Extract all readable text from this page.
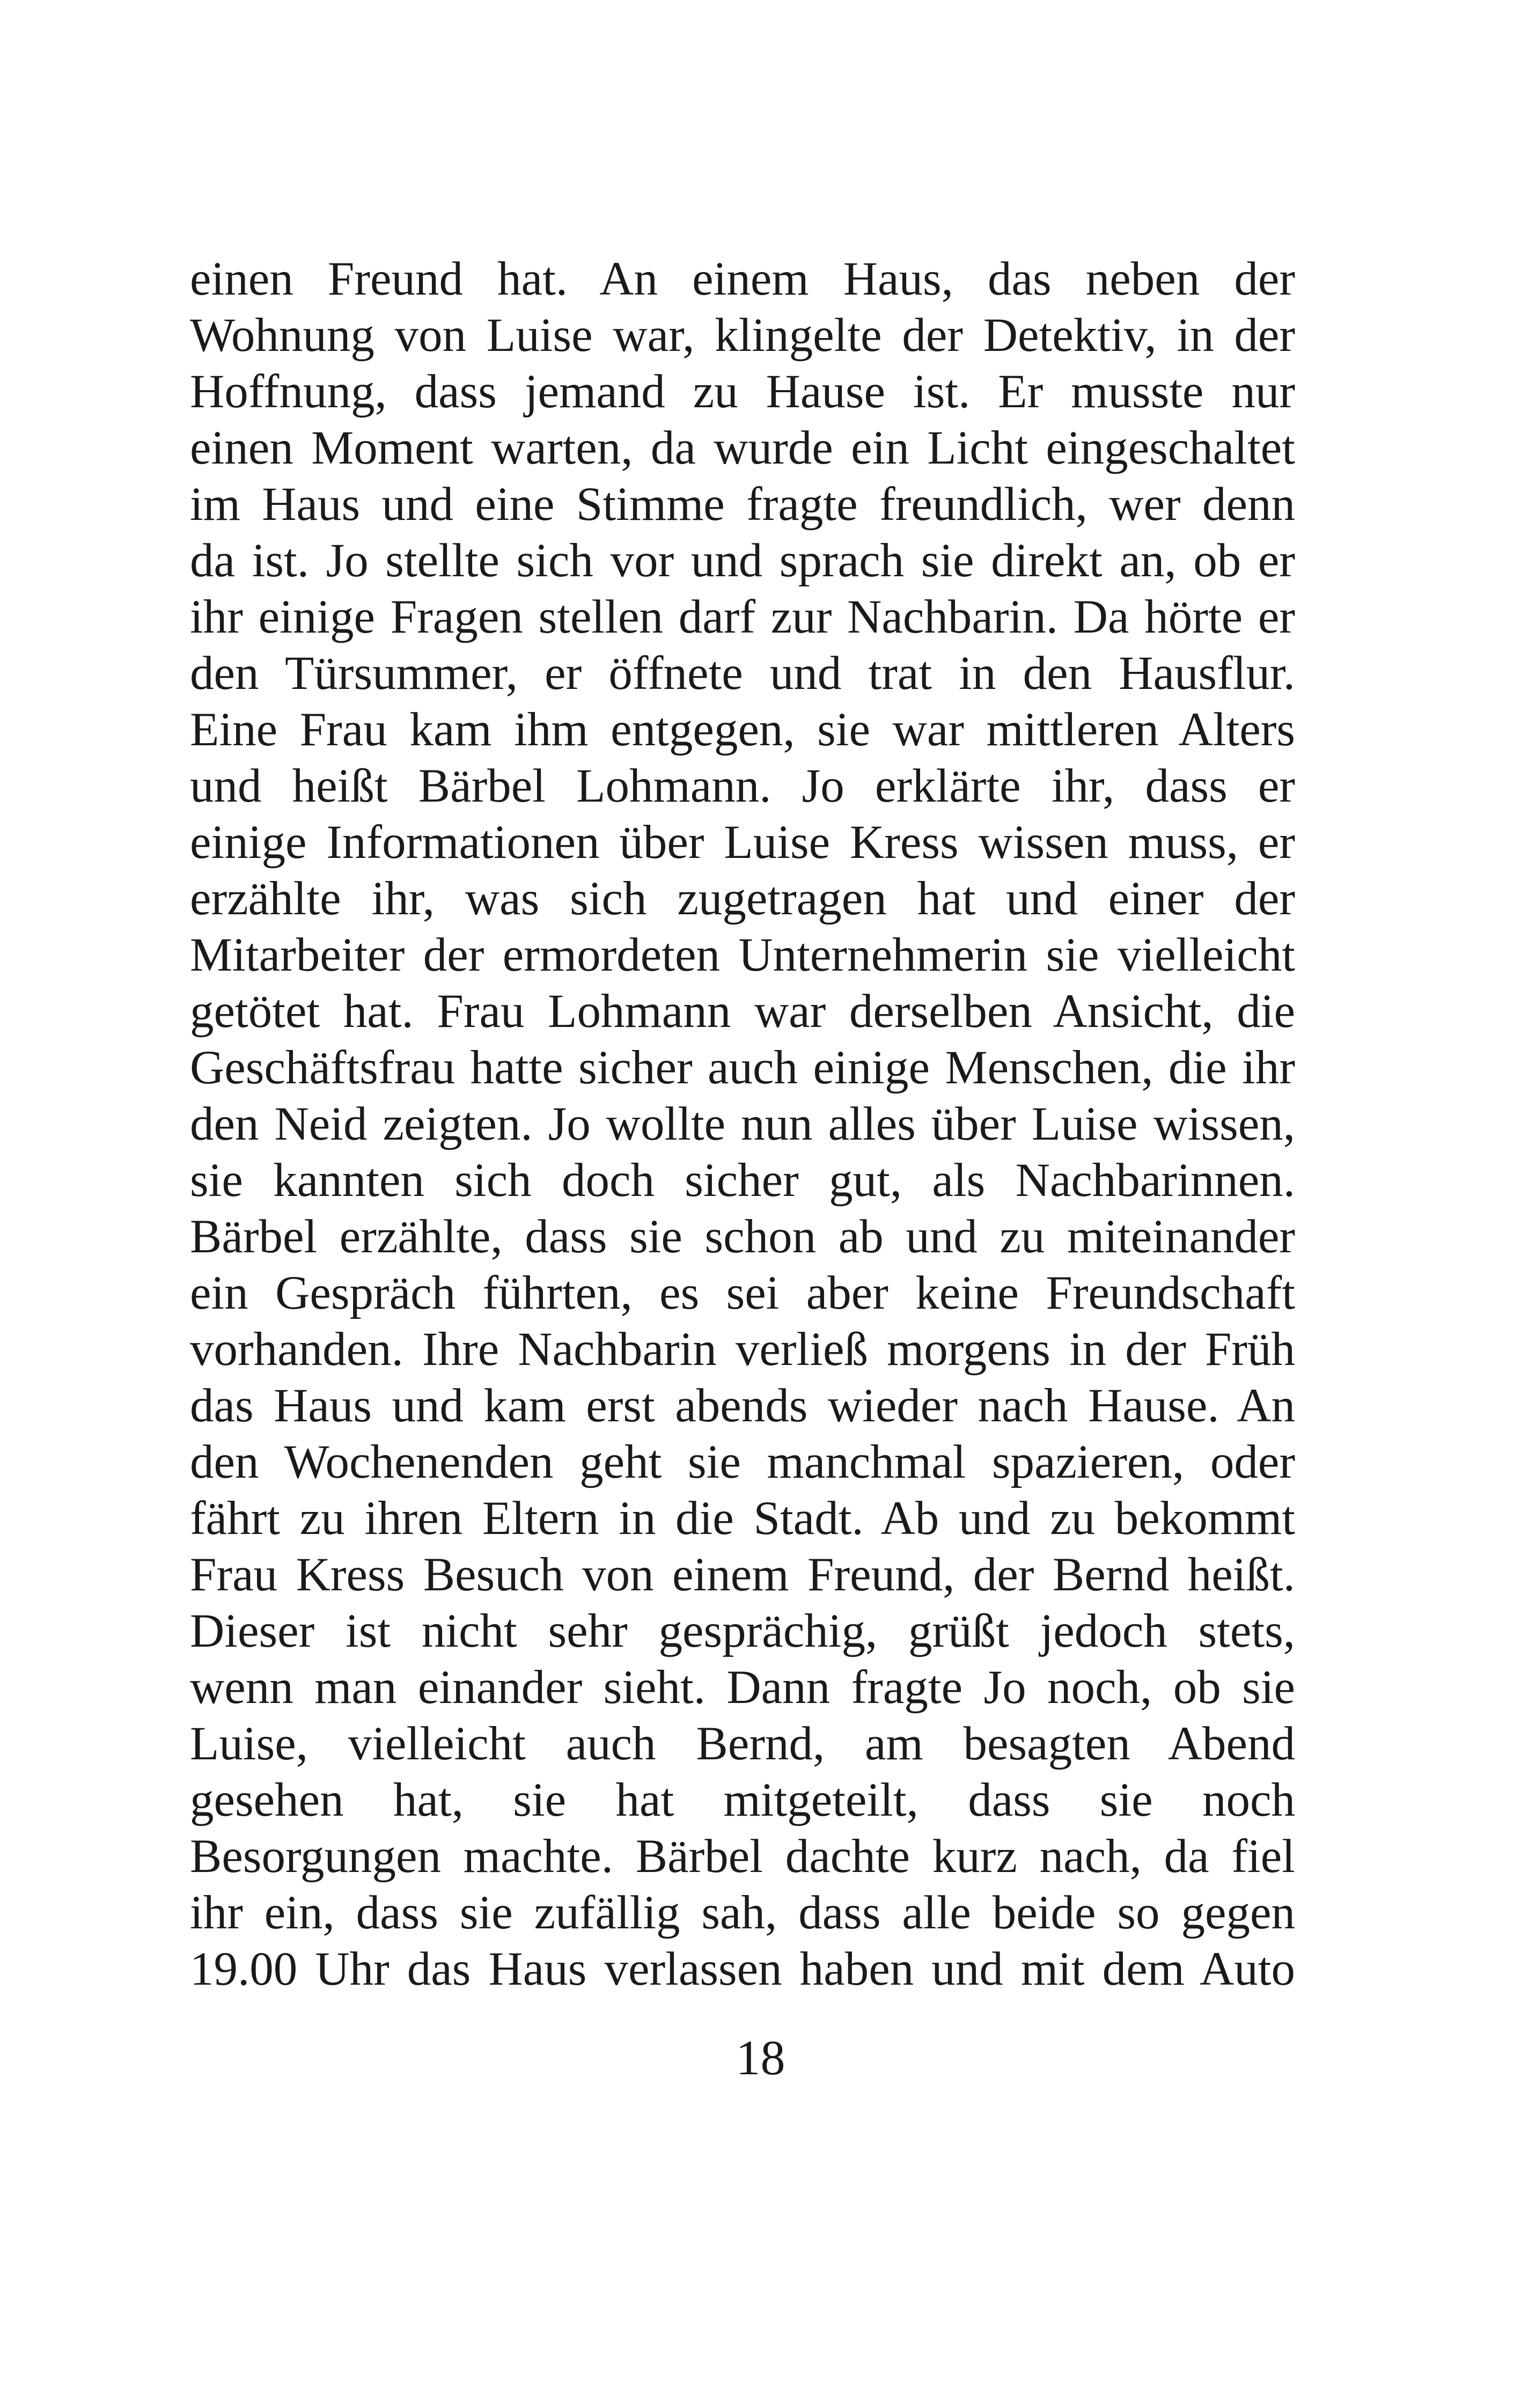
einen Freund hat. An einem Haus, das neben der
Wohnung von Luise war, klingelte der Detektiv, in der
Hoffnung, dass jemand zu Hause ist. Er musste nur
einen Moment warten, da wurde ein Licht eingeschaltet
im Haus und eine Stimme fragte freundlich, wer denn
da ist. Jo stellte sich vor und sprach sie direkt an, ob er
ihr einige Fragen stellen darf zur Nachbarin. Da hörte er
den Türsummer, er öffnete und trat in den Hausflur.
Eine Frau kam ihm entgegen, sie war mittleren Alters
und heißt Bärbel Lohmann. Jo erklärte ihr, dass er
einige Informationen über Luise Kress wissen muss, er
erzählte ihr, was sich zugetragen hat und einer der
Mitarbeiter der ermordeten Unternehmerin sie vielleicht
getötet hat. Frau Lohmann war derselben Ansicht, die
Geschäftsfrau hatte sicher auch einige Menschen, die ihr
den Neid zeigten. Jo wollte nun alles über Luise wissen,
sie kannten sich doch sicher gut, als Nachbarinnen.
Bärbel erzählte, dass sie schon ab und zu miteinander
ein Gespräch führten, es sei aber keine Freundschaft
vorhanden. Ihre Nachbarin verließ morgens in der Früh
das Haus und kam erst abends wieder nach Hause. An
den Wochenenden geht sie manchmal spazieren, oder
fährt zu ihren Eltern in die Stadt. Ab und zu bekommt
Frau Kress Besuch von einem Freund, der Bernd heißt.
Dieser ist nicht sehr gesprächig, grüßt jedoch stets,
wenn man einander sieht. Dann fragte Jo noch, ob sie
Luise, vielleicht auch Bernd, am besagten Abend
gesehen hat, sie hat mitgeteilt, dass sie noch
Besorgungen machte. Bärbel dachte kurz nach, da fiel
ihr ein, dass sie zufällig sah, dass alle beide so gegen
19.00 Uhr das Haus verlassen haben und mit dem Auto
18
